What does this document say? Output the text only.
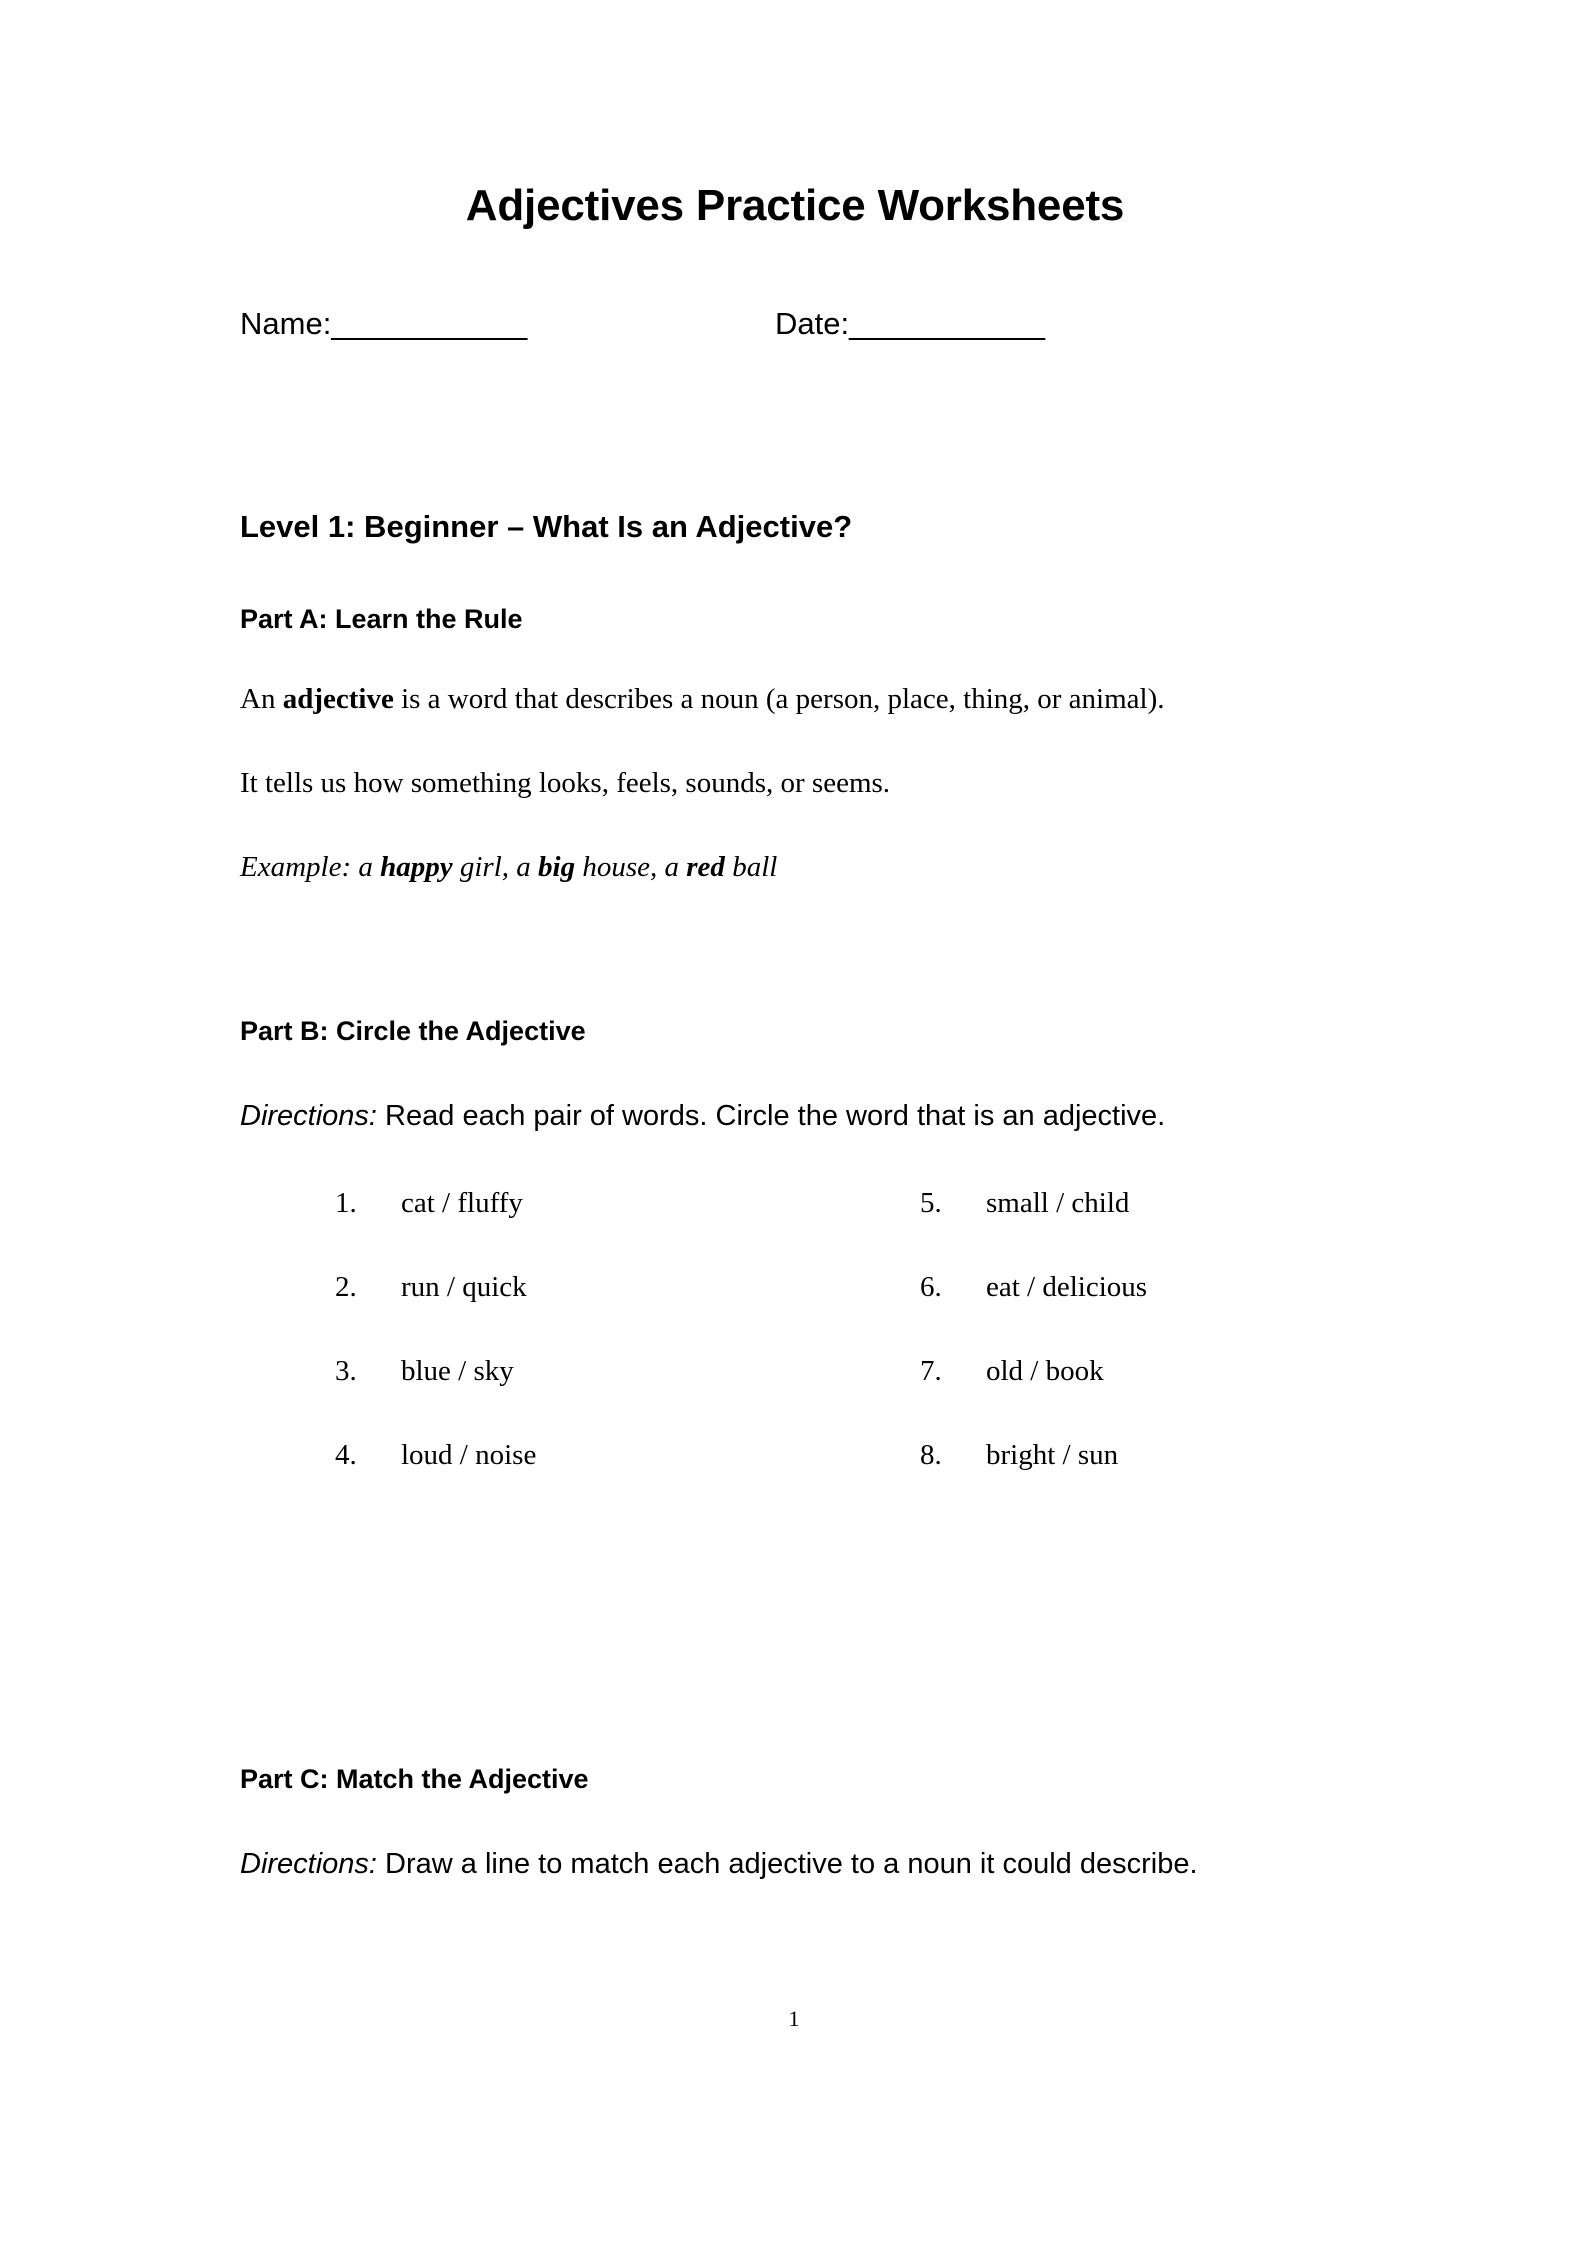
Adjectives Practice Worksheets
Name:____________	Date:____________
Level 1: Beginner – What Is an Adjective?
Part A: Learn the Rule
An adjective is a word that describes a noun (a person, place, thing, or animal).
It tells us how something looks, feels, sounds, or seems.
Example: a happy girl, a big house, a red ball
Part B: Circle the Adjective
Directions: Read each pair of words. Circle the word that is an adjective.
1.	cat / fluffy
2.	run / quick
3.	blue / sky
4.	loud / noise
5.	small / child
6.	eat / delicious
7.	old / book
8.	bright / sun
Part C: Match the Adjective
Directions: Draw a line to match each adjective to a noun it could describe.
1
